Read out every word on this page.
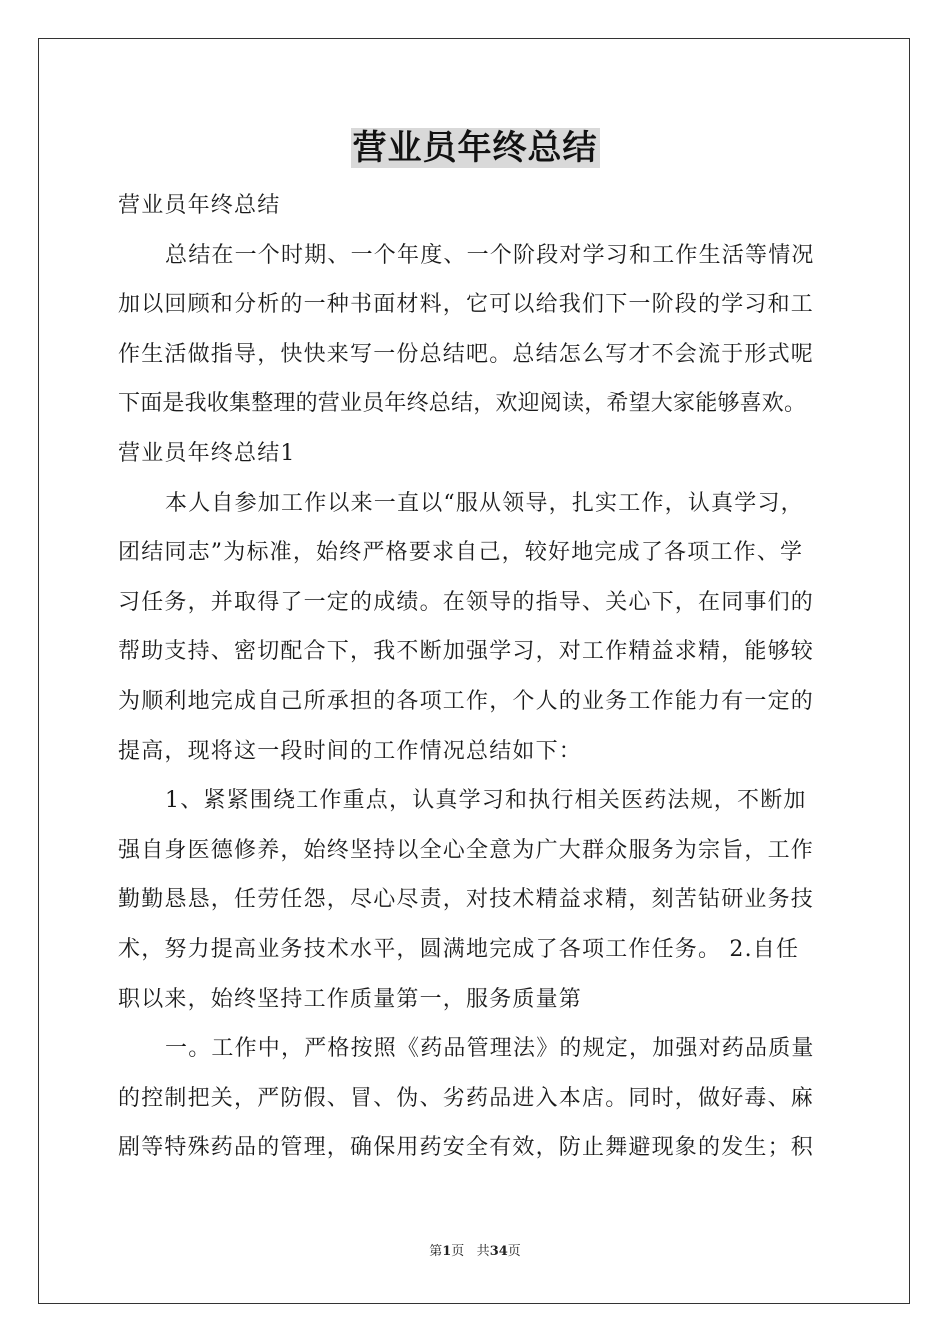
营业员年终总结
营业员年终总结
总结在一个时期、一个年度、一个阶段对学习和工作生活等情况
加以回顾和分析的一种书面材料，它可以给我们下一阶段的学习和工
作生活做指导，快快来写一份总结吧。总结怎么写才不会流于形式呢
下面是我收集整理的营业员年终总结，欢迎阅读，希望大家能够喜欢。
营业员年终总结1
本人自参加工作以来一直以“服从领导，扎实工作，认真学习，
团结同志”为标准，始终严格要求自己，较好地完成了各项工作、学
习任务，并取得了一定的成绩。在领导的指导、关心下，在同事们的
帮助支持、密切配合下，我不断加强学习，对工作精益求精，能够较
为顺利地完成自己所承担的各项工作，个人的业务工作能力有一定的
提高，现将这一段时间的工作情况总结如下：
1、紧紧围绕工作重点，认真学习和执行相关医药法规，不断加
强自身医德修养，始终坚持以全心全意为广大群众服务为宗旨，工作
勤勤恳恳，任劳任怨，尽心尽责，对技术精益求精，刻苦钻研业务技
术，努力提高业务技术水平，圆满地完成了各项工作任务。 2.自任
职以来，始终坚持工作质量第一，服务质量第
一。工作中，严格按照《药品管理法》的规定，加强对药品质量
的控制把关，严防假、冒、伪、劣药品进入本店。同时，做好毒、麻
剧等特殊药品的管理，确保用药安全有效，防止舞避现象的发生；积
第1页 共34页
